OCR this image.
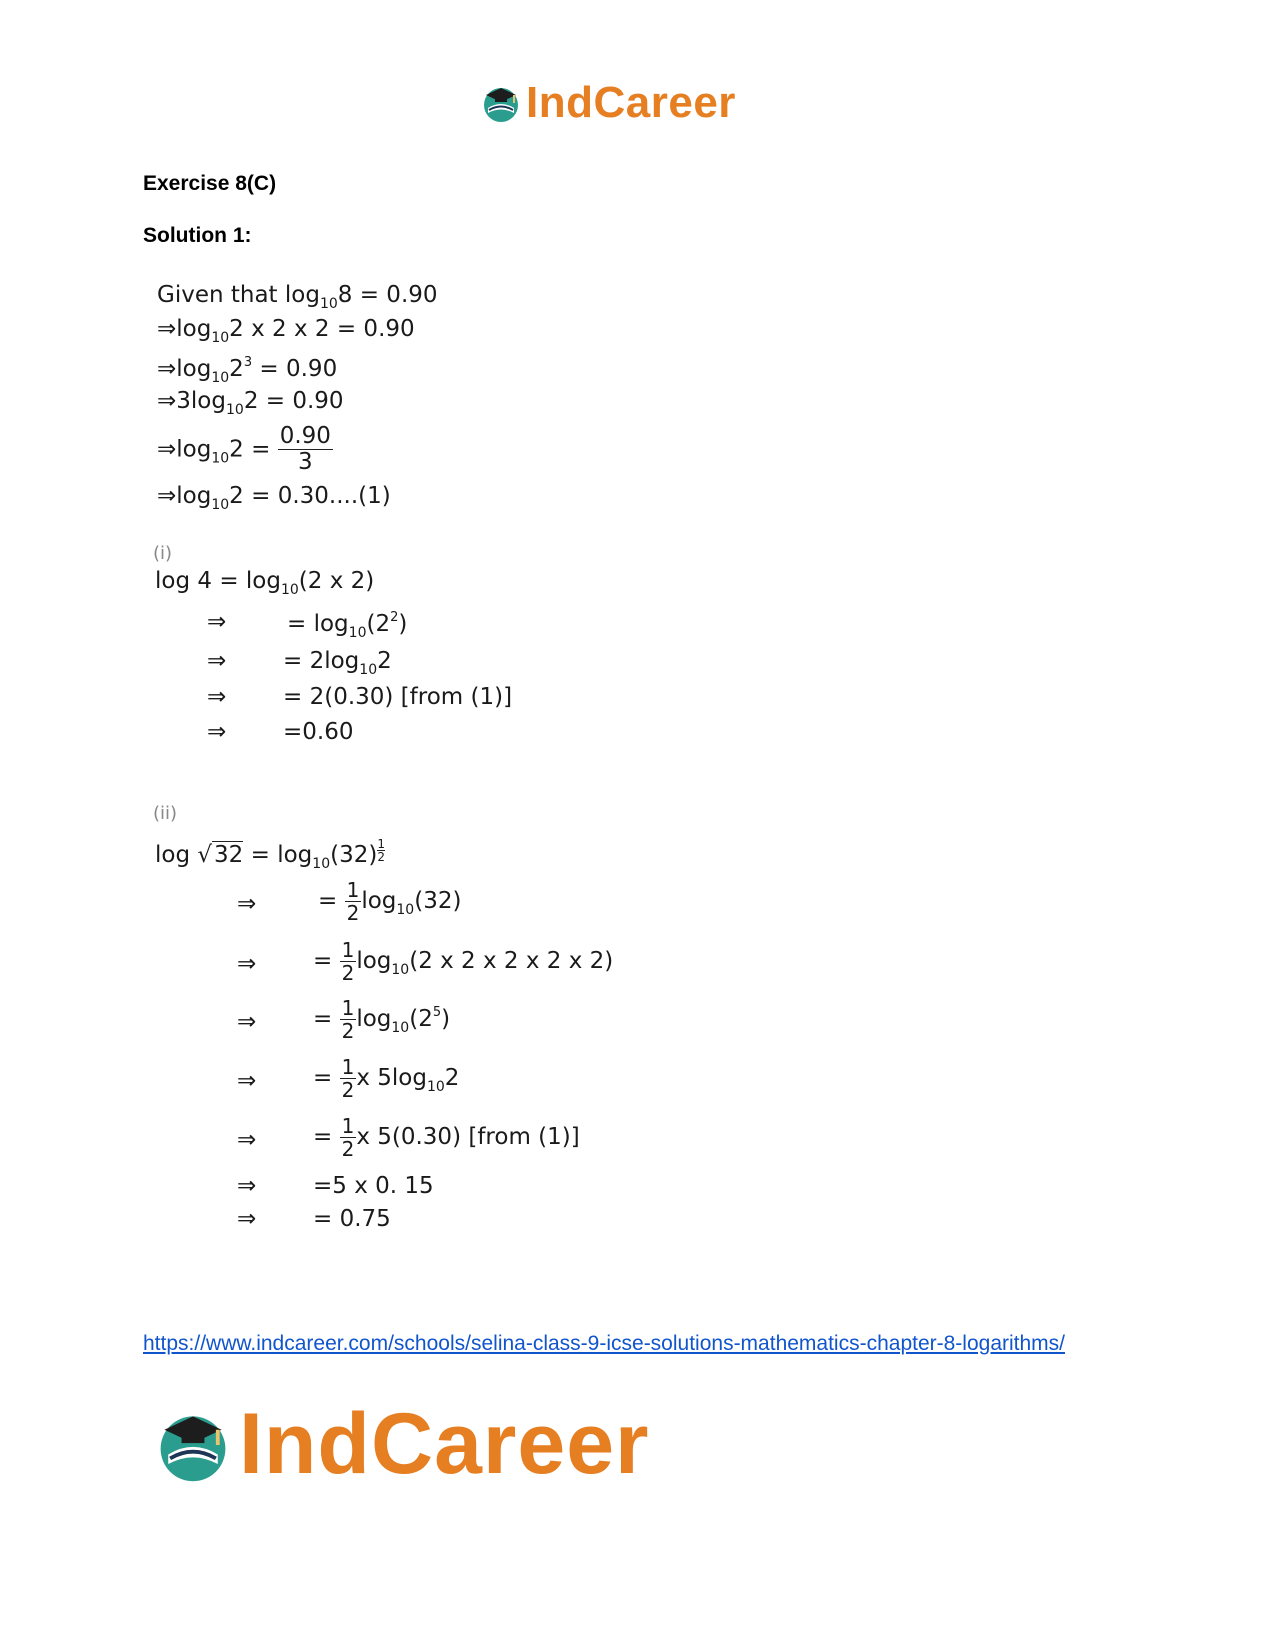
IndCareer
Exercise 8(C)
Solution 1:
Given that $\log_{10}8 = 0.90$
$\Rightarrow\log_{10}2$ x 2 x 2 = 0.90
$\Rightarrow\log_{10}2^3 = 0.90$
$\Rightarrow 3\log_{10}2 = 0.90$
$\Rightarrow\log_{10}2 = \frac{0.90}{3}$
$\Rightarrow\log_{10}2 = 0.30....(1)$
(i)
$\log 4 = \log_{10}(2$ x 2)
⇒	= $\log_{10}(2^2)$
⇒ = $2\log_{10}2$
⇒ = 2(0.30) [from (1)]
⇒ =0.60
(ii)
$\log √32 = \log_{10}(32) \frac{1}{2}$
⇒	= $\frac{1}{2} \log_{10}(32)$
⇒ = $\frac{1}{2} \log_{10}(2$ x 2 x 2 x 2 x 2)
⇒ = $\frac{1}{2} \log_{10}(2^5)$
⇒ = $\frac{1}{2}$ x $5\log_{10}2$
⇒ = $\frac{1}{2}$ x 5(0.30) [from (1)]
⇒ =5 x 0. 15
⇒ = 0.75
https://www.indcareer.com/schools/selina-class-9-icse-solutions-mathematics-chapter-8-logarithms/
IndCareer
